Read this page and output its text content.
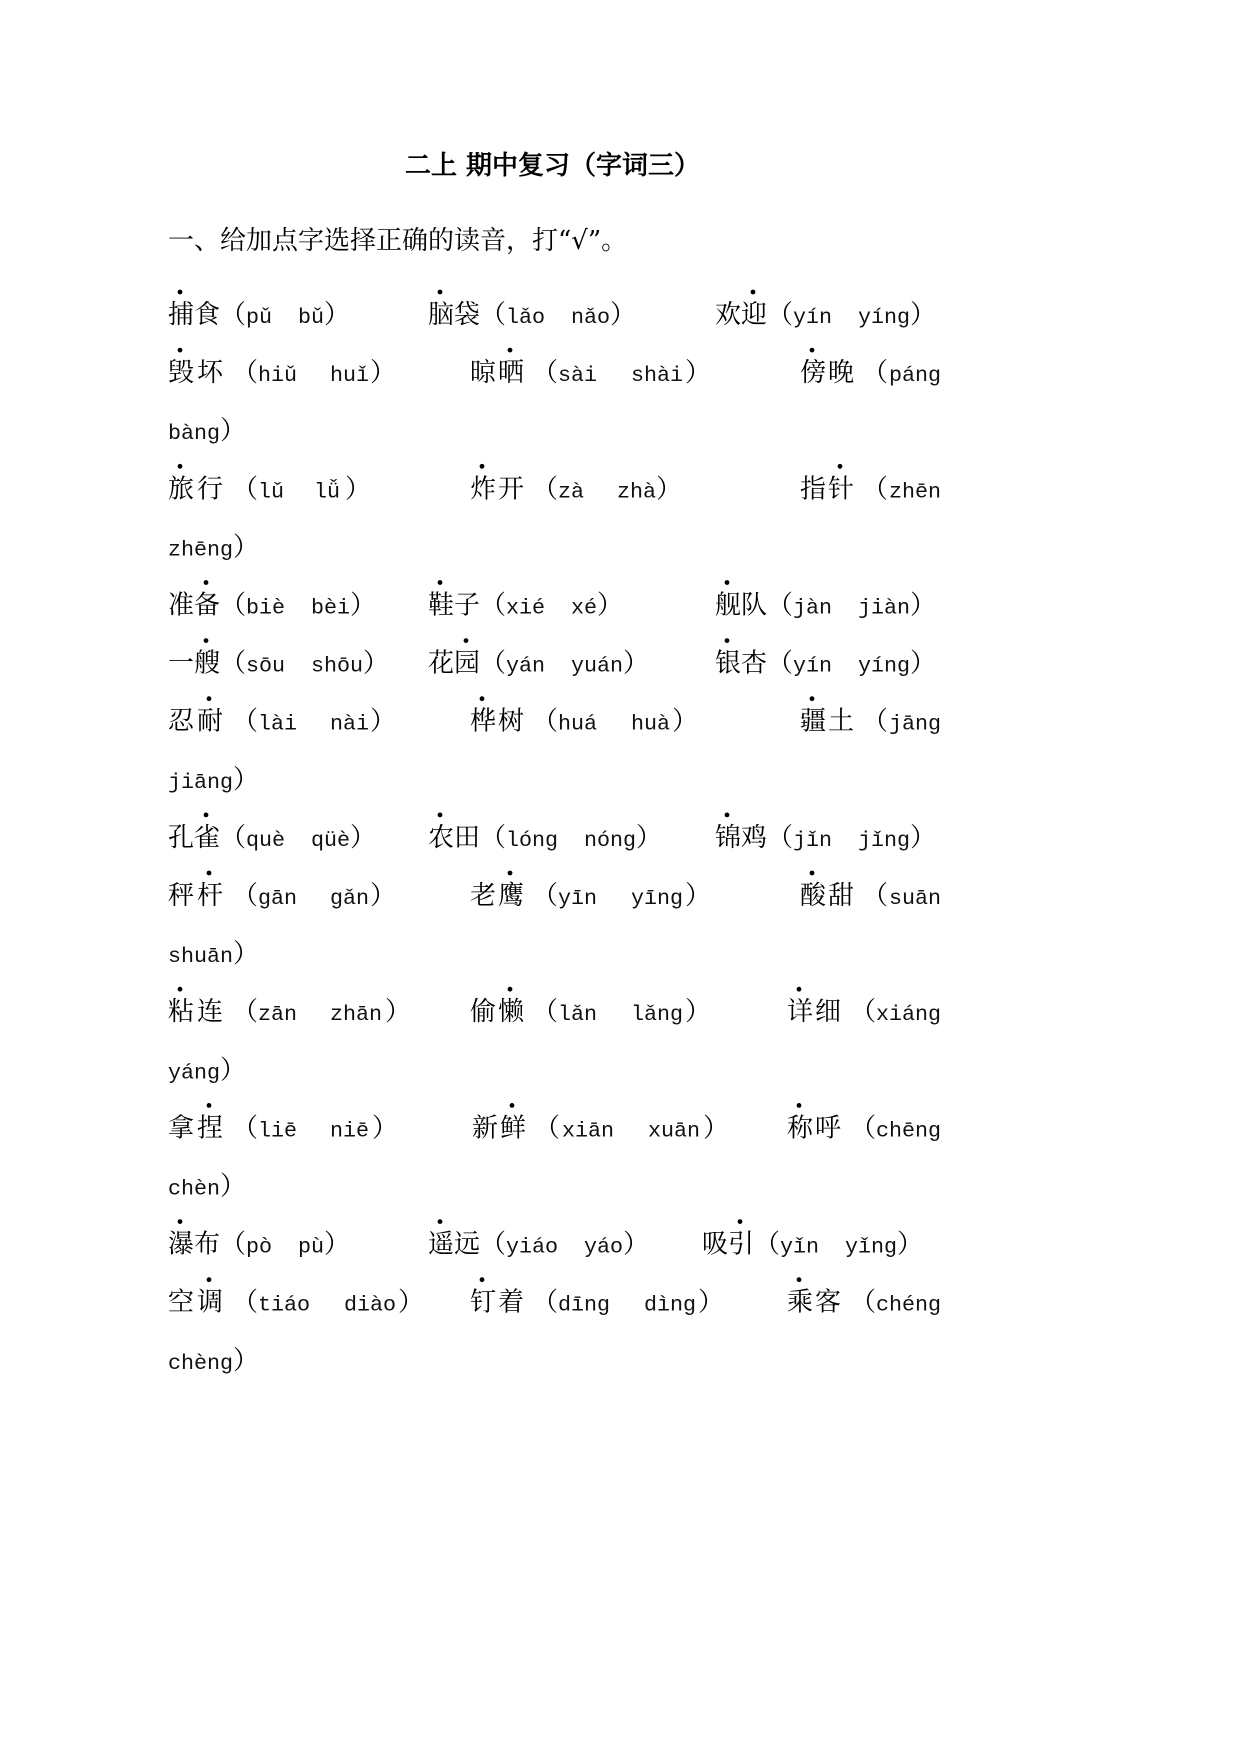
二上 期中复习（字词三）
一、给加点字选择正确的读音，打“√”。
捕 食 （ pǔ bǔ ）	脑 袋 （ lǎo nǎo ）	欢 迎 （ yín yíng ）
毁 坏 （ hiǔ huǐ ）	晾 晒 （ sài shài ）	傍 晚 （ páng
bàng ）
旅 行 （ lǔ lǚ ）	炸 开 （ zà zhà ）	指 针 （ zhēn
zhēng ）
准 备 （ biè bèi ） 鞋 子 （ xié xé ）	舰 队 （ jàn jiàn ）
一 艘 （ sōu shōu ） 花 园 （ yán yuán ）	银 杏 （ yín yíng ）
忍 耐 （ lài nài ）	桦 树 （ huá huà ）	疆 土 （ jāng
jiāng ）
孔 雀 （ què qüè ） 农 田 （ lóng nóng ） 锦 鸡 （ jǐn jǐng ）
秤 杆 （ gān gǎn ）	老 鹰 （ yīn yīng ）	酸 甜 （ suān
shuān ）
粘 连 （ zān zhān ） 偷 懒 （ lǎn lǎng ）	详 细 （ xiáng
yáng ）
拿 捏 （ liē niē ）	新 鲜 （ xiān xuān ） 称 呼 （ chēng
chèn ）
瀑 布 （ pò pù ）	遥 远 （ yiáo yáo ） 吸 引 （ yǐn yǐng ）
空 调 （ tiáo diào ） 钉 着 （ dīng dìng ） 乘 客 （ chéng
chèng ）
